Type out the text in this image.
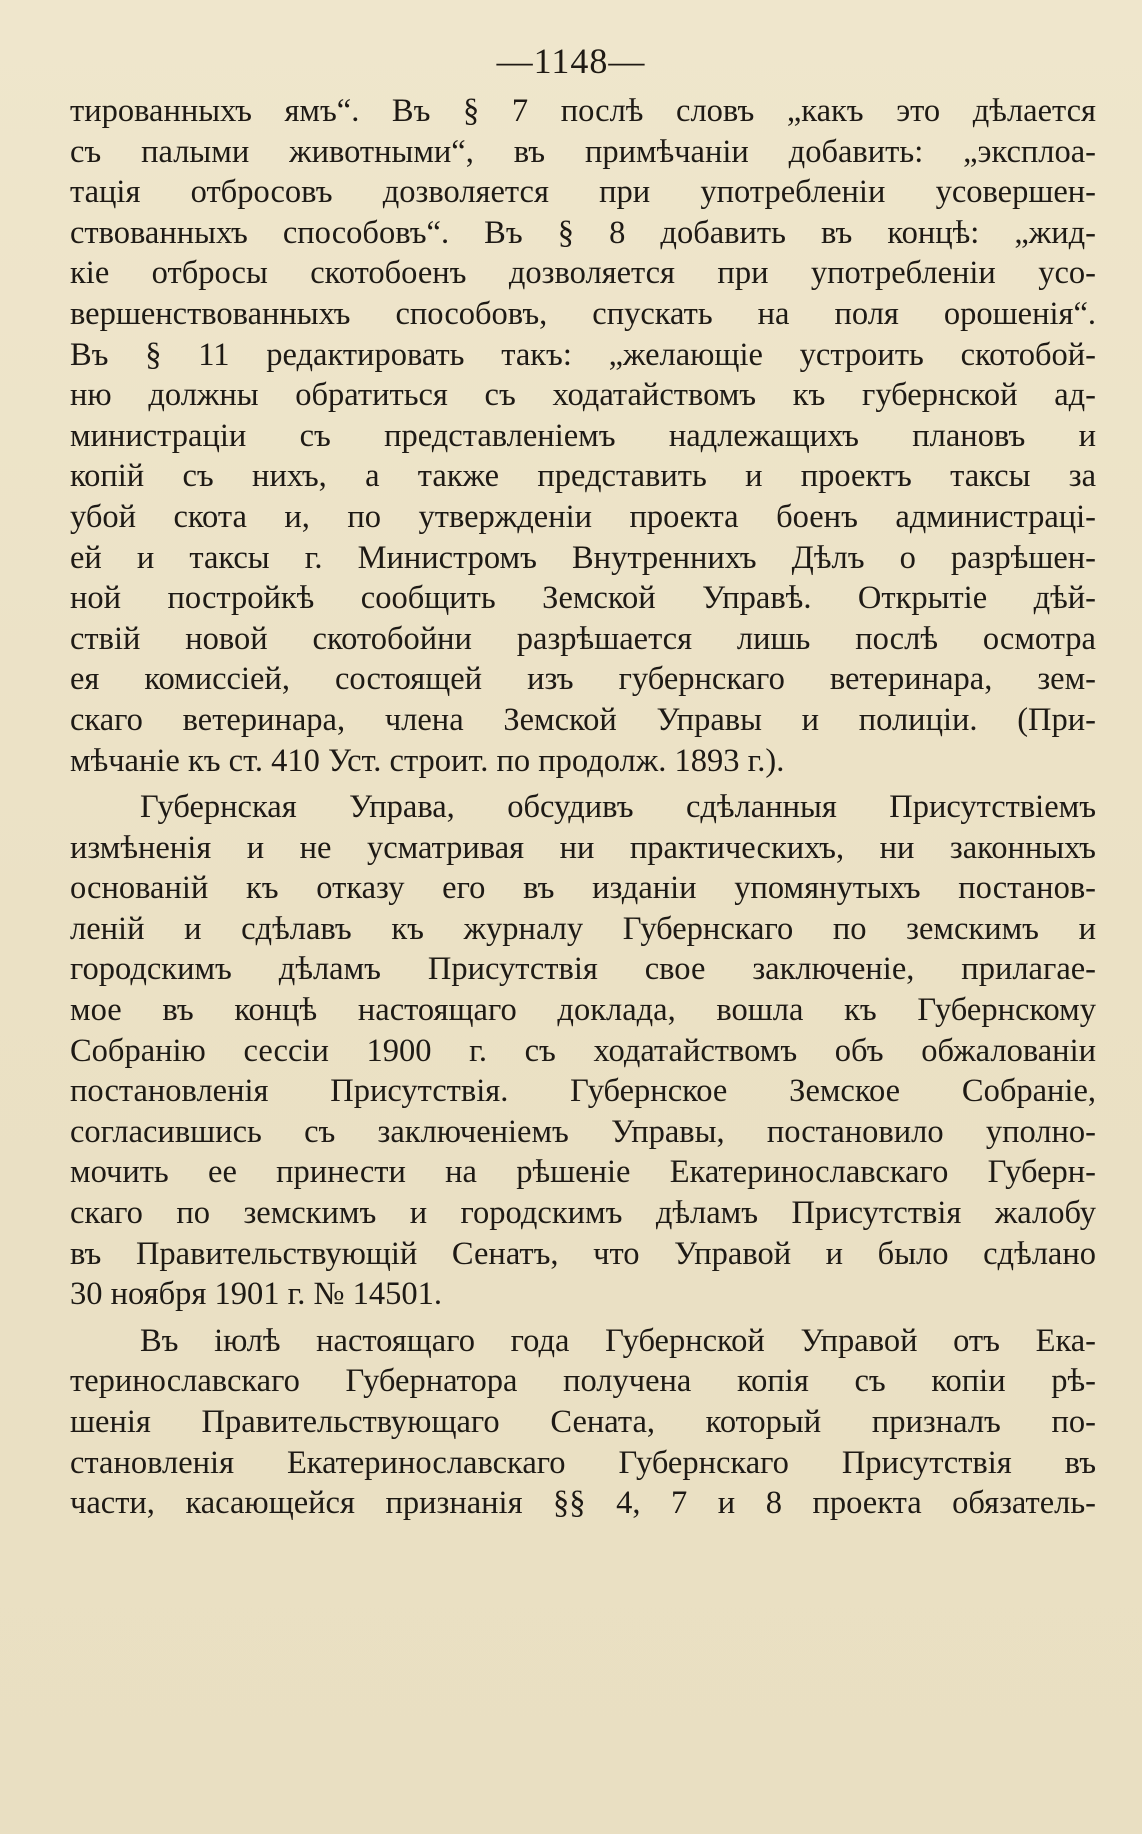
—1148—
тированныхъ ямъ“. Въ § 7 послѣ словъ „какъ это дѣлается
съ палыми животными“, въ примѣчаніи добавить: „эксплоа-
тація отбросовъ дозволяется при употребленіи усовершен-
ствованныхъ способовъ“. Въ § 8 добавить въ концѣ: „жид-
кіе отбросы скотобоенъ дозволяется при употребленіи усо-
вершенствованныхъ способовъ, спускать на поля орошенія“.
Въ § 11 редактировать такъ: „желающіе устроить скотобой-
ню должны обратиться съ ходатайствомъ къ губернской ад-
министраціи съ представленіемъ надлежащихъ плановъ и
копій съ нихъ, а также представить и проектъ таксы за
убой скота и, по утвержденіи проекта боенъ администраці-
ей и таксы г. Министромъ Внутреннихъ Дѣлъ о разрѣшен-
ной постройкѣ сообщить Земской Управѣ. Открытіе дѣй-
ствій новой скотобойни разрѣшается лишь послѣ осмотра
ея комиссіей, состоящей изъ губернскаго ветеринара, зем-
скаго ветеринара, члена Земской Управы и полиціи. (При-
мѣчаніе къ ст. 410 Уст. строит. по продолж. 1893 г.).
Губернская Управа, обсудивъ сдѣланныя Присутствіемъ
измѣненія и не усматривая ни практическихъ, ни законныхъ
основаній къ отказу его въ изданіи упомянутыхъ постанов-
леній и сдѣлавъ къ журналу Губернскаго по земскимъ и
городскимъ дѣламъ Присутствія свое заключеніе, прилагае-
мое въ концѣ настоящаго доклада, вошла къ Губернскому
Собранію сессіи 1900 г. съ ходатайствомъ объ обжалованіи
постановленія Присутствія. Губернское Земское Собраніе,
согласившись съ заключеніемъ Управы, постановило уполно-
мочить ее принести на рѣшеніе Екатеринославскаго Губерн-
скаго по земскимъ и городскимъ дѣламъ Присутствія жалобу
въ Правительствующій Сенатъ, что Управой и было сдѣлано
30 ноября 1901 г. № 14501.
Въ іюлѣ настоящаго года Губернской Управой отъ Ека-
теринославскаго Губернатора получена копія съ копіи рѣ-
шенія Правительствующаго Сената, который призналъ по-
становленія Екатеринославскаго Губернскаго Присутствія въ
части, касающейся признанія §§ 4, 7 и 8 проекта обязатель-
